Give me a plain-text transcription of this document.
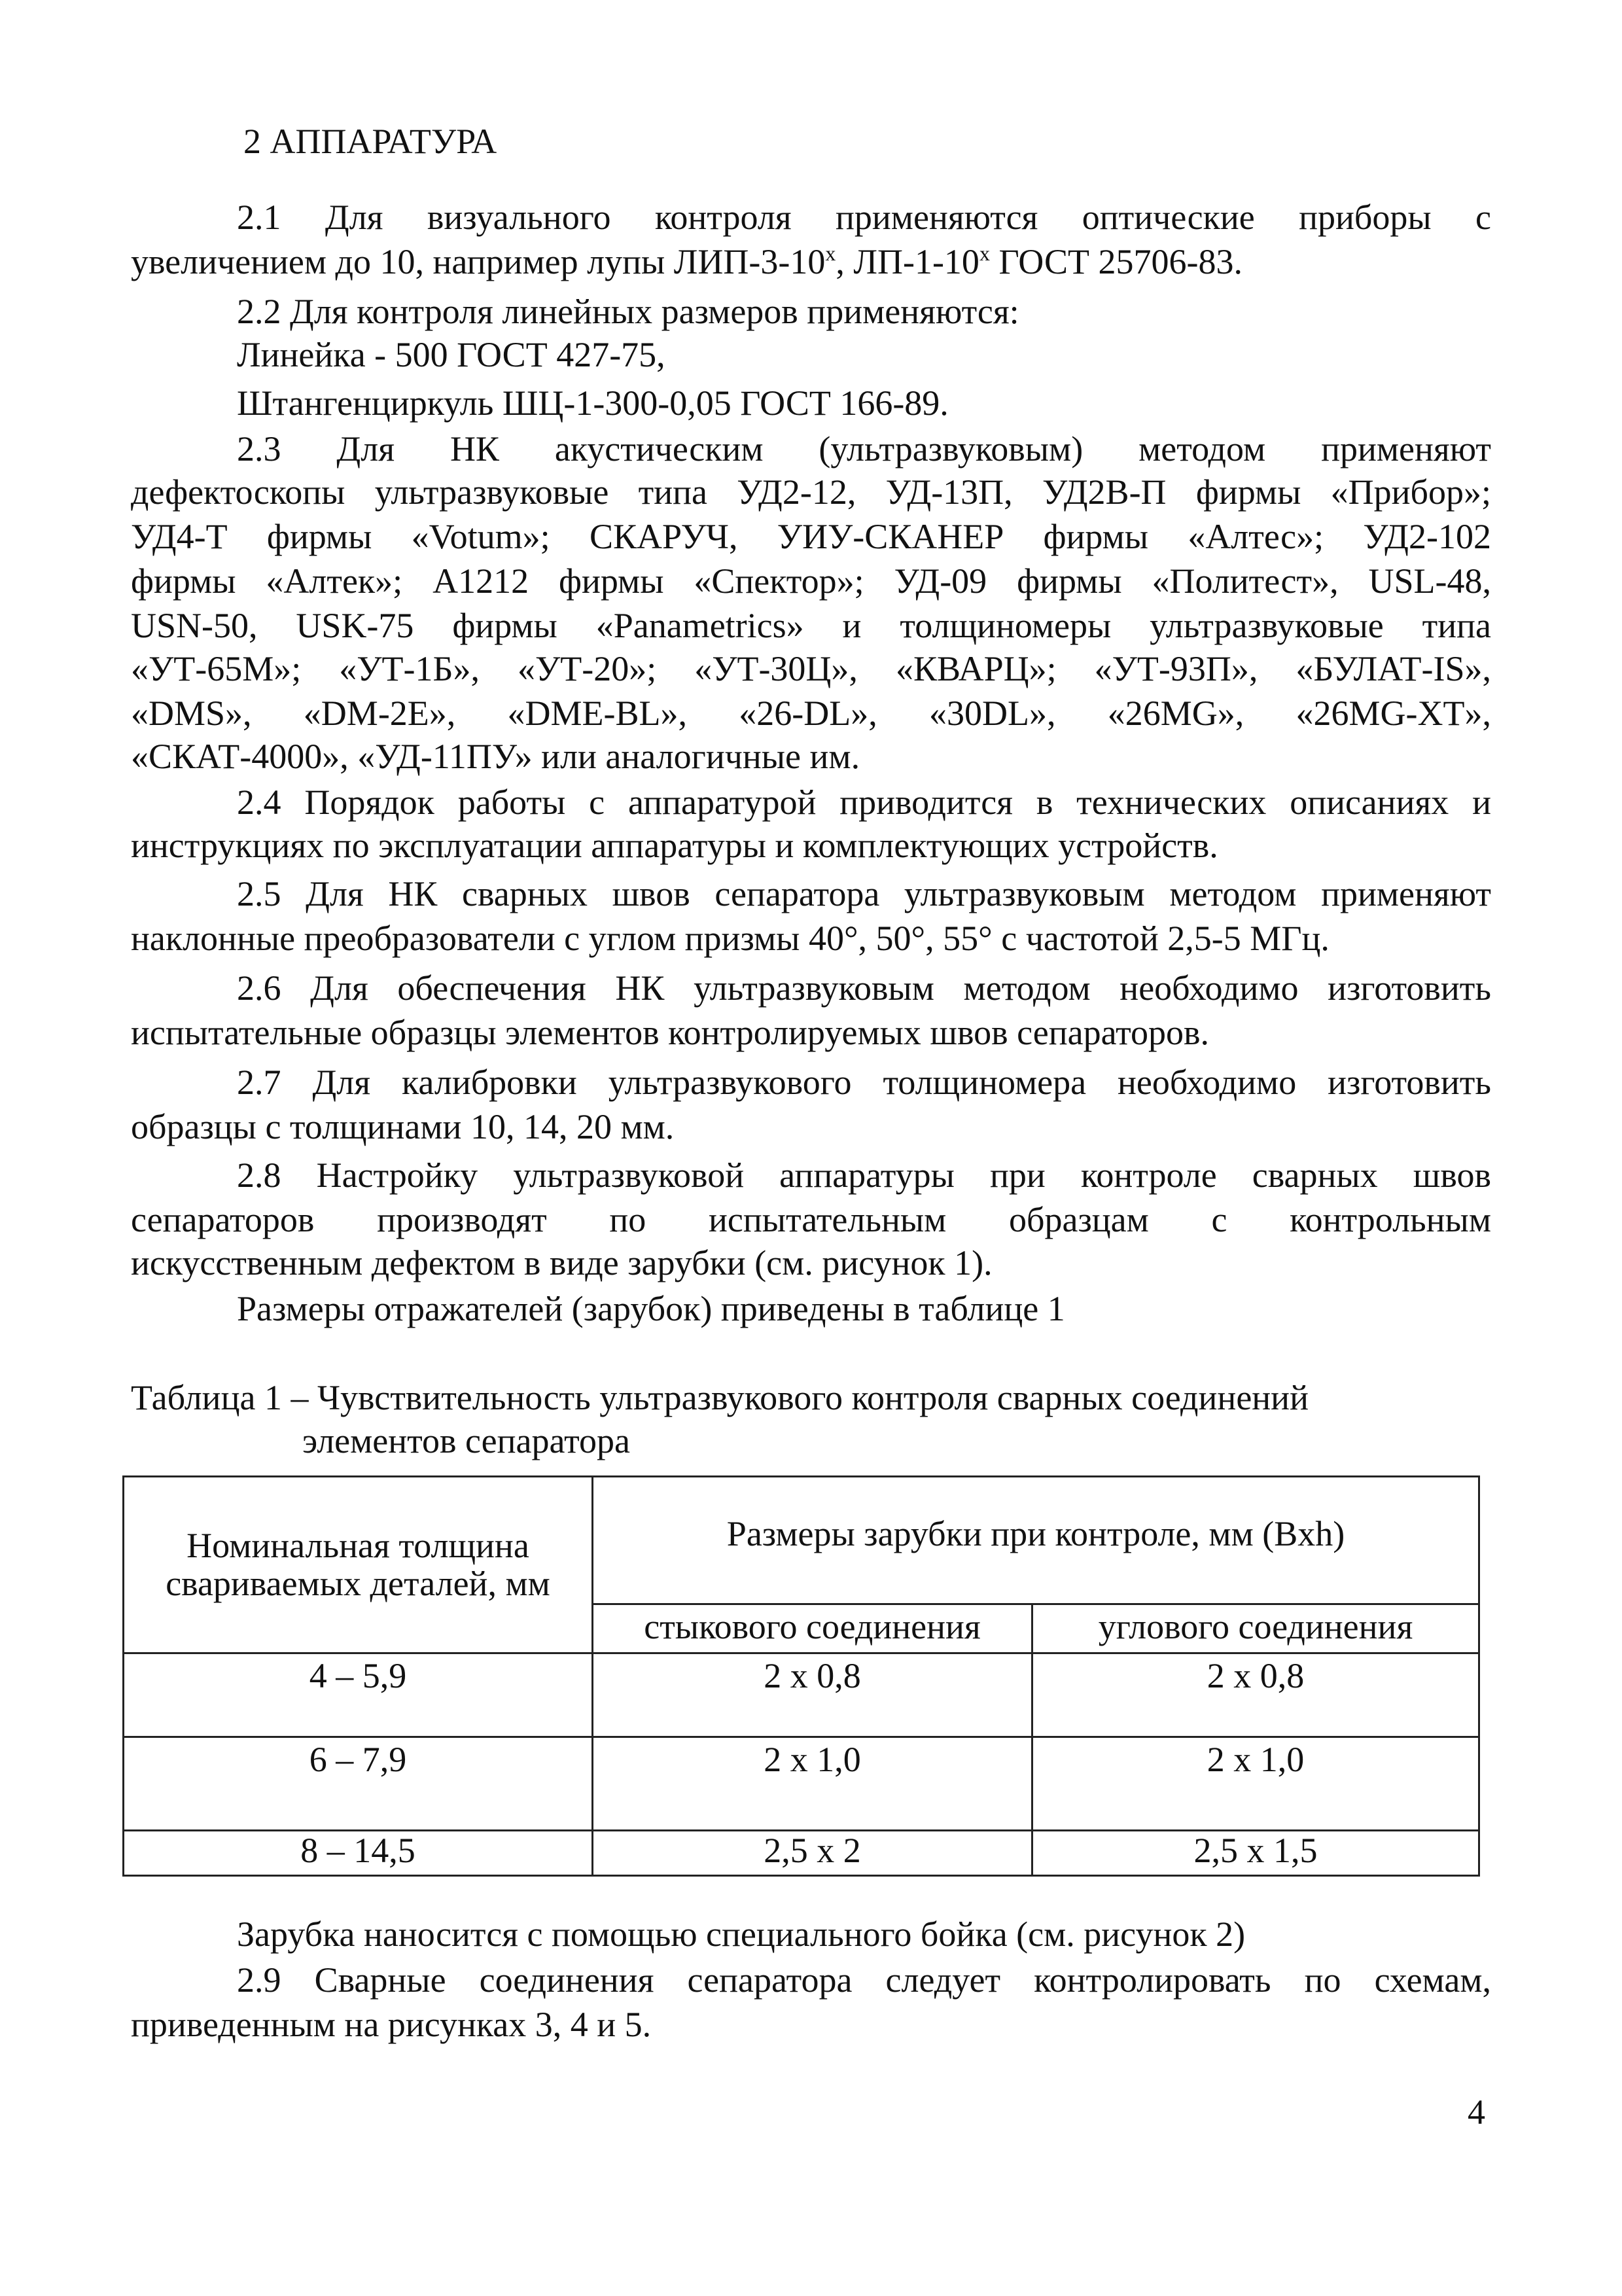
2 АППАРАТУРА
2.1 Для визуального контроля применяются оптические приборы с
увеличением до 10, например лупы ЛИП-$3-10^х$, $ЛП-1-10^х$ ГОСТ 25706-83.
2.2 Для контроля линейных размеров применяются:
Линейка - 500 ГОСТ 427-75,
Штангенциркуль ШЦ-1-300-0,05 ГОСТ 166-89.
2.3 Для НК акустическим (ультразвуковым) методом применяют
дефектоскопы ультразвуковые типа УД2-12, УД-13П, УД2В-П фирмы «Прибор»;
УД4-Т фирмы «Votum»; СКАРУЧ, УИУ-СКАНЕР фирмы «Алтес»; УД2-102
фирмы «Алтек»; А1212 фирмы «Спектор»; УД-09 фирмы «Политест», USL-48,
USN-50, USK-75 фирмы «Panametrics» и толщиномеры ультразвуковые типа
«УТ-65М»; «УТ-1Б», «УТ-20»; «УТ-30Ц», «КВАРЦ»; «УТ-93П», «БУЛАТ-IS»,
«DMS», «DM-2E», «DME-BL», «26-DL», «30DL», «26MG», «26MG-XT»,
«СКАТ-4000», «УД-11ПУ» или аналогичные им.
2.4 Порядок работы с аппаратурой приводится в технических описаниях и
инструкциях по эксплуатации аппаратуры и комплектующих устройств.
2.5 Для НК сварных швов сепаратора ультразвуковым методом применяют
наклонные преобразователи с углом призмы 40°, 50°, 55° с частотой 2,5-5 МГц.
2.6 Для обеспечения НК ультразвуковым методом необходимо изготовить
испытательные образцы элементов контролируемых швов сепараторов.
2.7 Для калибровки ультразвукового толщиномера необходимо изготовить
образцы с толщинами 10, 14, 20 мм.
2.8 Настройку ультразвуковой аппаратуры при контроле сварных швов
сепараторов производят по испытательным образцам с контрольным
искусственным дефектом в виде зарубки (см. рисунок 1).
Размеры отражателей (зарубок) приведены в таблице 1
Таблица 1 – Чувствительность ультразвукового контроля сварных соединений
элементов сепаратора
Номинальная толщина
свариваемых деталей, мм	Размеры зарубки при контроле, мм (Bxh)	

	стыкового соединения	углового соединения

4 – 5,9	2 х 0,8	2 х 0,8

6 – 7,9	2 х 1,0	2 х 1,0

8 – 14,5	2,5 х 2	2,5 х 1,5
Зарубка наносится с помощью специального бойка (см. рисунок 2)
2.9 Сварные соединения сепаратора следует контролировать по схемам,
приведенным на рисунках 3, 4 и 5.
4
